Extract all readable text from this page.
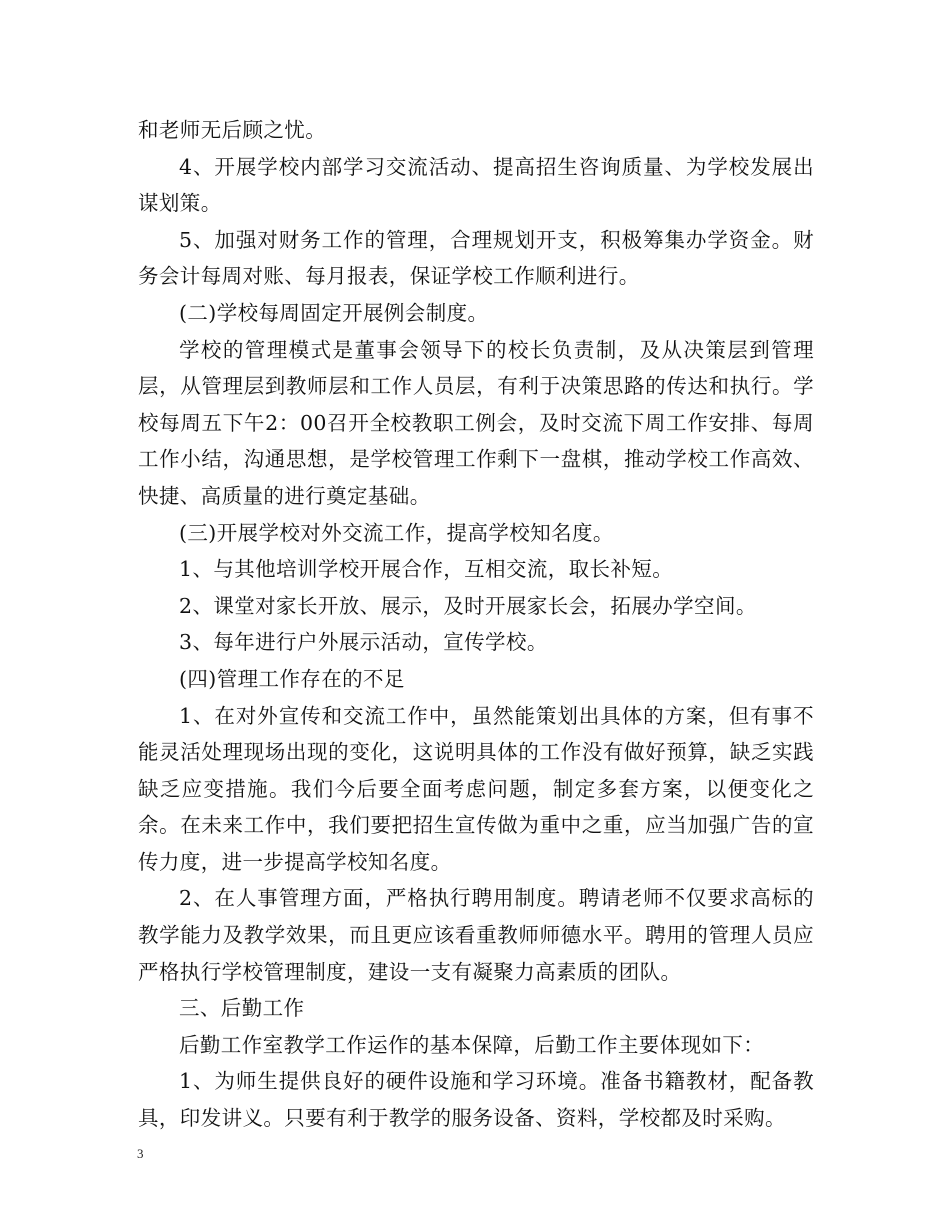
和老师无后顾之忧。

4、开展学校内部学习交流活动、提高招生咨询质量、为学校发展出谋划策。

5、加强对财务工作的管理，合理规划开支，积极筹集办学资金。财务会计每周对账、每月报表，保证学校工作顺利进行。

(二)学校每周固定开展例会制度。

学校的管理模式是董事会领导下的校长负责制，及从决策层到管理层，从管理层到教师层和工作人员层，有利于决策思路的传达和执行。学校每周五下午2：00召开全校教职工例会，及时交流下周工作安排、每周工作小结，沟通思想，是学校管理工作剩下一盘棋，推动学校工作高效、快捷、高质量的进行奠定基础。

(三)开展学校对外交流工作，提高学校知名度。

1、与其他培训学校开展合作，互相交流，取长补短。

2、课堂对家长开放、展示，及时开展家长会，拓展办学空间。

3、每年进行户外展示活动，宣传学校。

(四)管理工作存在的不足

1、在对外宣传和交流工作中，虽然能策划出具体的方案，但有事不能灵活处理现场出现的变化，这说明具体的工作没有做好预算，缺乏实践缺乏应变措施。我们今后要全面考虑问题，制定多套方案，以便变化之余。在未来工作中，我们要把招生宣传做为重中之重，应当加强广告的宣传力度，进一步提高学校知名度。

2、在人事管理方面，严格执行聘用制度。聘请老师不仅要求高标的教学能力及教学效果，而且更应该看重教师师德水平。聘用的管理人员应严格执行学校管理制度，建设一支有凝聚力高素质的团队。

三、后勤工作

后勤工作室教学工作运作的基本保障，后勤工作主要体现如下：

1、为师生提供良好的硬件设施和学习环境。准备书籍教材，配备教具，印发讲义。只要有利于教学的服务设备、资料，学校都及时采购。

3
